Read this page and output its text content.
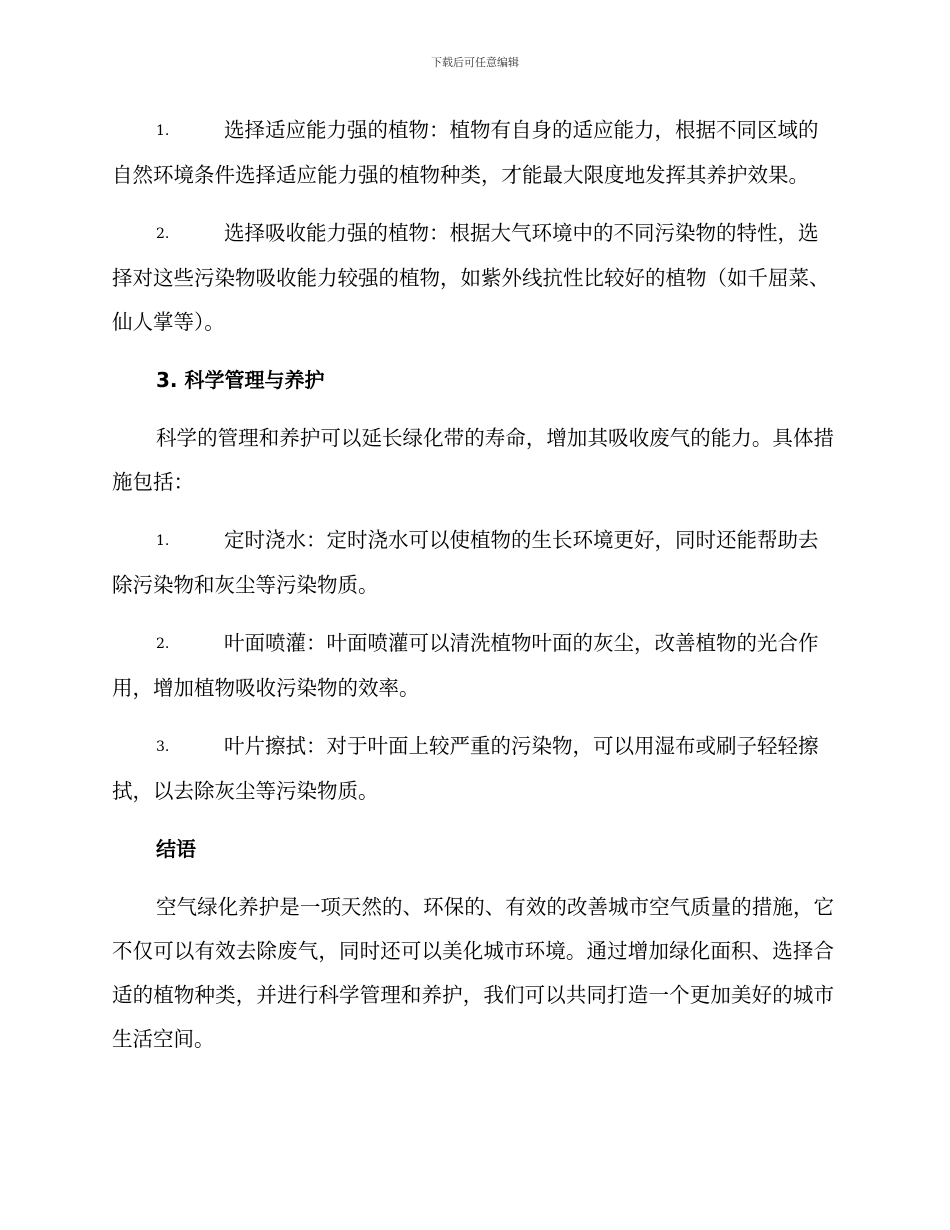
下载后可任意编辑
1.	选择适应能力强的植物：植物有自身的适应能力，根据不同区域的自然环境条件选择适应能力强的植物种类，才能最大限度地发挥其养护效果。
2.	选择吸收能力强的植物：根据大气环境中的不同污染物的特性，选择对这些污染物吸收能力较强的植物，如紫外线抗性比较好的植物（如千屈菜、仙人掌等）。
3. 科学管理与养护

科学的管理和养护可以延长绿化带的寿命，增加其吸收废气的能力。具体措施包括：

1.	定时浇水：定时浇水可以使植物的生长环境更好，同时还能帮助去除污染物和灰尘等污染物质。
2.	叶面喷灌：叶面喷灌可以清洗植物叶面的灰尘，改善植物的光合作用，增加植物吸收污染物的效率。
3.	叶片擦拭：对于叶面上较严重的污染物，可以用湿布或刷子轻轻擦拭，以去除灰尘等污染物质。
结语

空气绿化养护是一项天然的、环保的、有效的改善城市空气质量的措施，它不仅可以有效去除废气，同时还可以美化城市环境。通过增加绿化面积、选择合适的植物种类，并进行科学管理和养护，我们可以共同打造一个更加美好的城市生活空间。
